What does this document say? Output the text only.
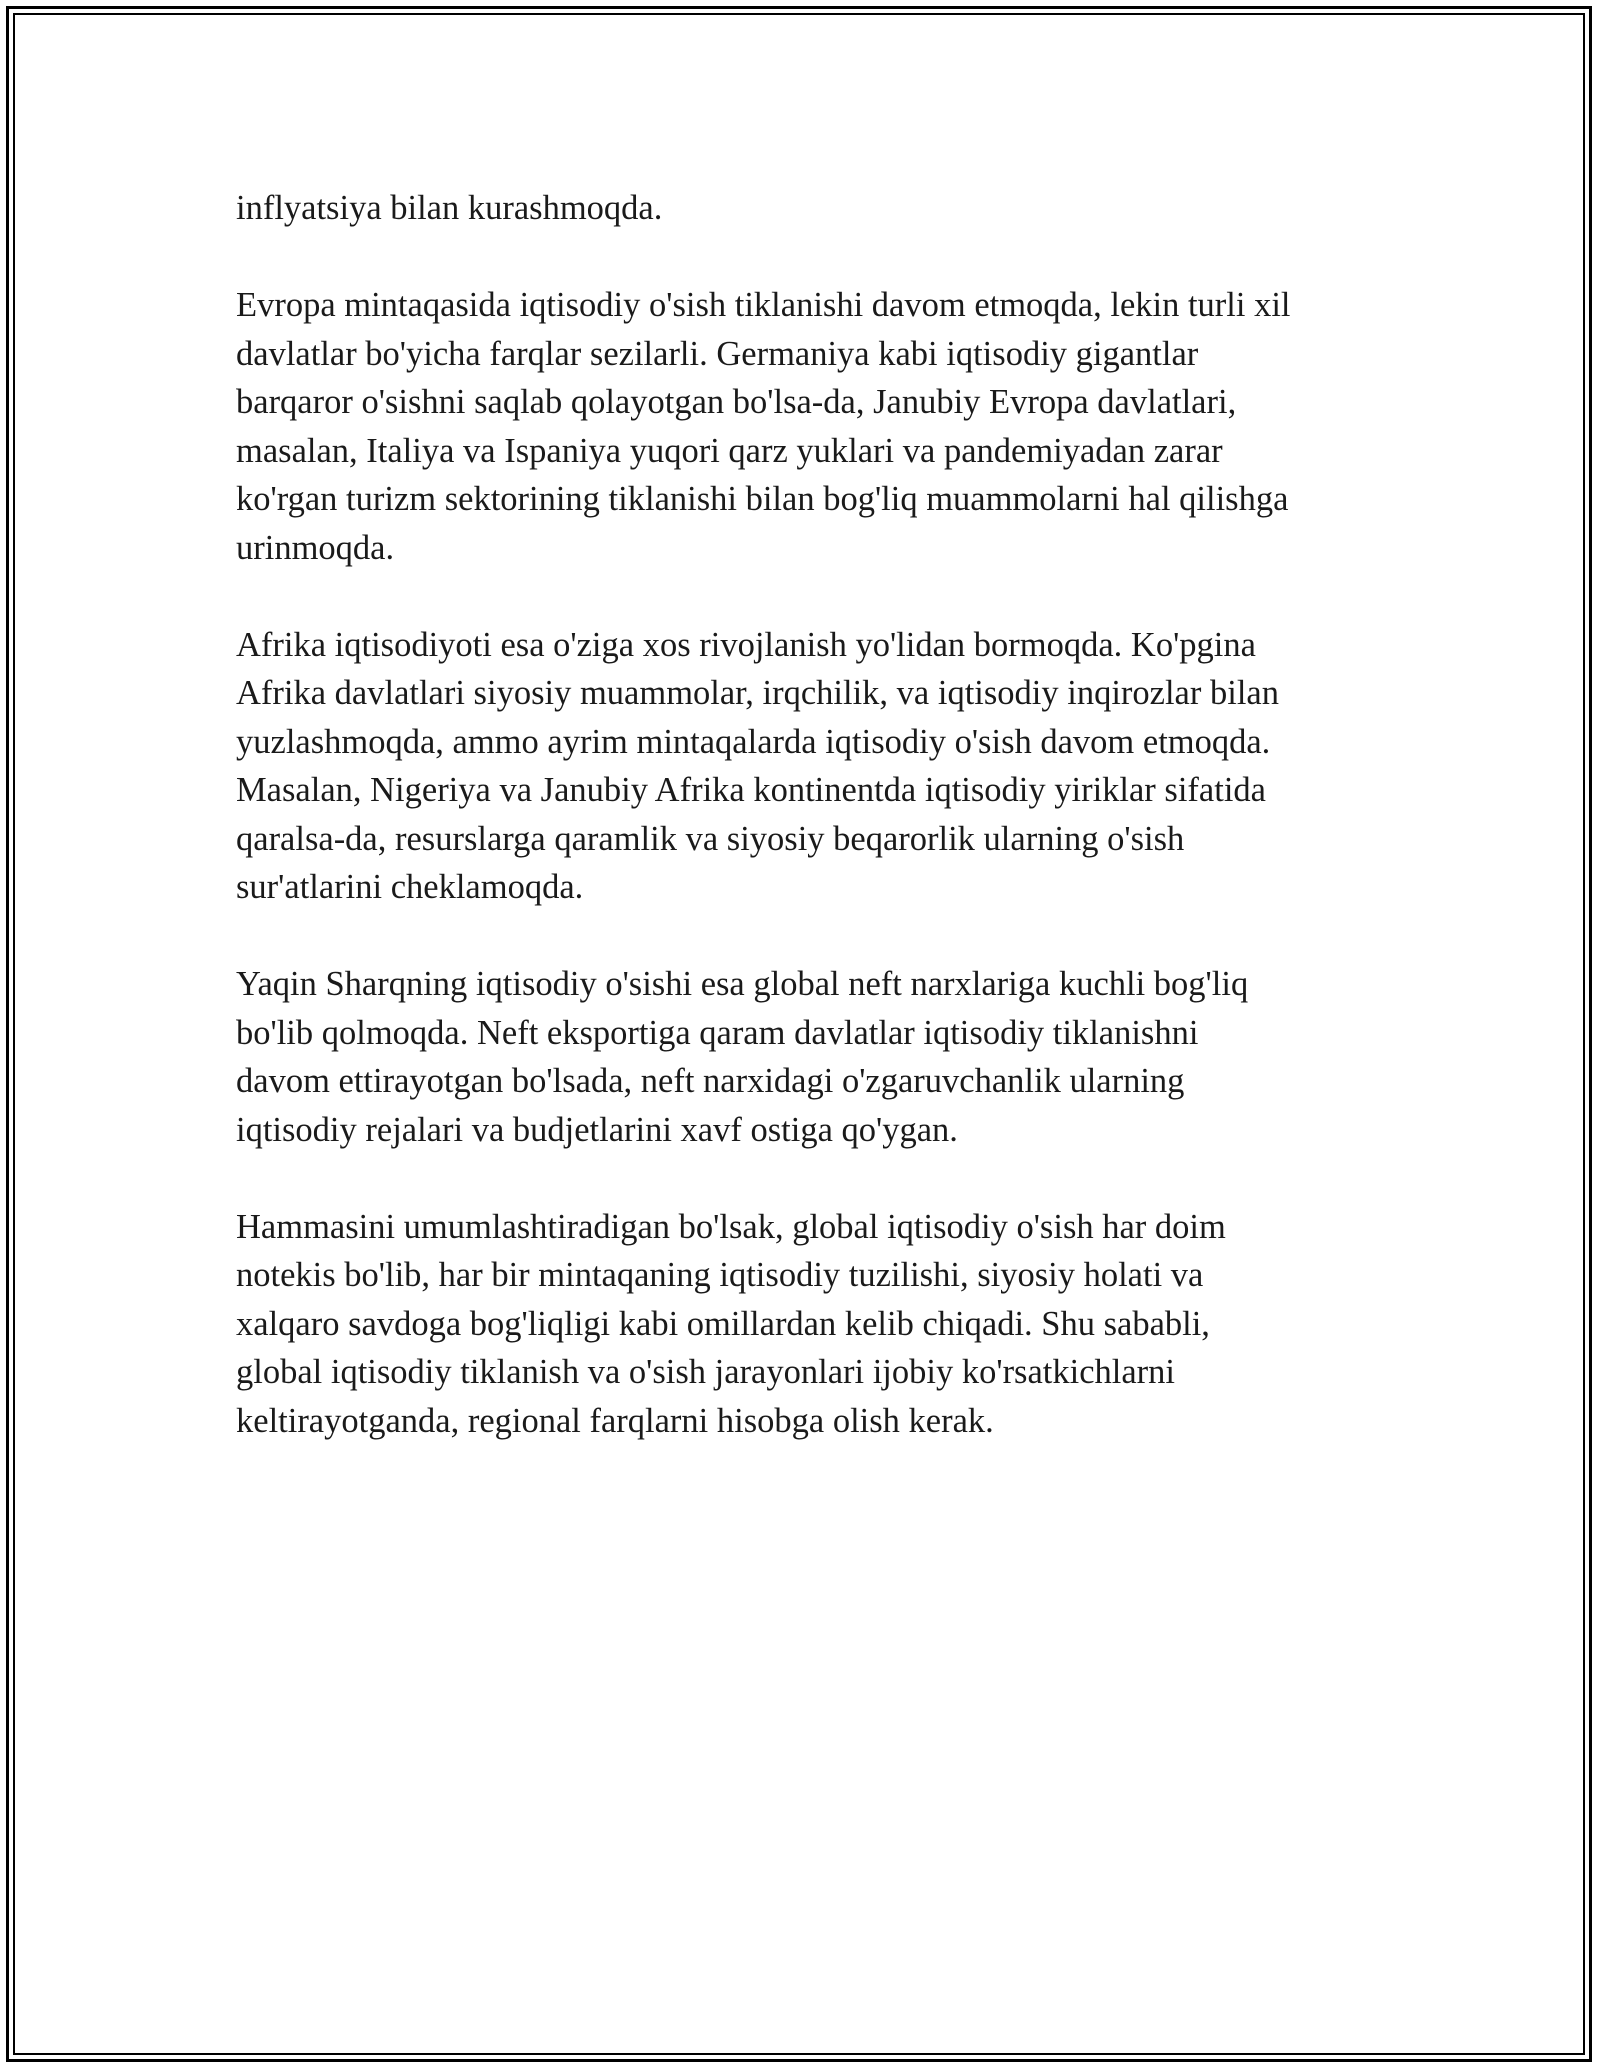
inflyatsiya bilan kurashmoqda.

Evropa mintaqasida iqtisodiy o'sish tiklanishi davom etmoqda, lekin turli xil
davlatlar bo'yicha farqlar sezilarli. Germaniya kabi iqtisodiy gigantlar
barqaror o'sishni saqlab qolayotgan bo'lsa-da, Janubiy Evropa davlatlari,
masalan, Italiya va Ispaniya yuqori qarz yuklari va pandemiyadan zarar
ko'rgan turizm sektorining tiklanishi bilan bog'liq muammolarni hal qilishga
urinmoqda.

Afrika iqtisodiyoti esa o'ziga xos rivojlanish yo'lidan bormoqda. Ko'pgina
Afrika davlatlari siyosiy muammolar, irqchilik, va iqtisodiy inqirozlar bilan
yuzlashmoqda, ammo ayrim mintaqalarda iqtisodiy o'sish davom etmoqda.
Masalan, Nigeriya va Janubiy Afrika kontinentda iqtisodiy yiriklar sifatida
qaralsa-da, resurslarga qaramlik va siyosiy beqarorlik ularning o'sish
sur'atlarini cheklamoqda.

Yaqin Sharqning iqtisodiy o'sishi esa global neft narxlariga kuchli bog'liq
bo'lib qolmoqda. Neft eksportiga qaram davlatlar iqtisodiy tiklanishni
davom ettirayotgan bo'lsada, neft narxidagi o'zgaruvchanlik ularning
iqtisodiy rejalari va budjetlarini xavf ostiga qo'ygan.

Hammasini umumlashtiradigan bo'lsak, global iqtisodiy o'sish har doim
notekis bo'lib, har bir mintaqaning iqtisodiy tuzilishi, siyosiy holati va
xalqaro savdoga bog'liqligi kabi omillardan kelib chiqadi. Shu sababli,
global iqtisodiy tiklanish va o'sish jarayonlari ijobiy ko'rsatkichlarni
keltirayotganda, regional farqlarni hisobga olish kerak.
